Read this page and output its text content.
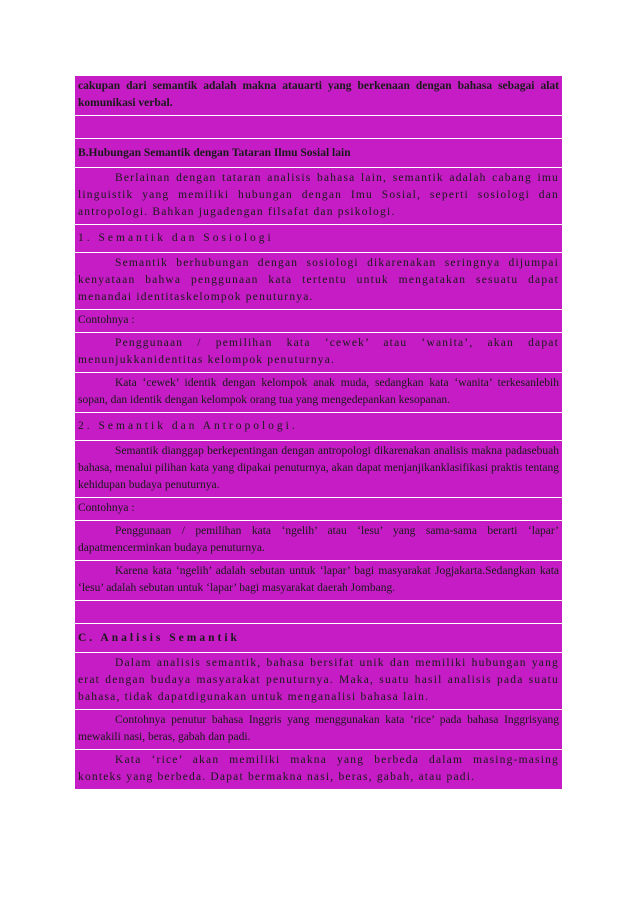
cakupan dari semantik adalah makna atauarti yang berkenaan dengan bahasa sebagai alat komunikasi verbal.
B.Hubungan Semantik dengan Tataran Ilmu Sosial lain
Berlainan dengan tataran analisis bahasa lain, semantik adalah cabang imu linguistik yang memiliki hubungan dengan Imu Sosial, seperti sosiologi dan antropologi. Bahkan jugadengan filsafat dan psikologi.
1. Semantik dan Sosiologi
Semantik berhubungan dengan sosiologi dikarenakan seringnya dijumpai kenyataan bahwa penggunaan kata tertentu untuk mengatakan sesuatu dapat menandai identitaskelompok penuturnya.
Contohnya :
Penggunaan / pemilihan kata ‘cewek’ atau ‘wanita’, akan dapat menunjukkanidentitas kelompok penuturnya.
Kata ‘cewek’ identik dengan kelompok anak muda, sedangkan kata ‘wanita’ terkesanlebih sopan, dan identik dengan kelompok orang tua yang mengedepankan kesopanan.
2. Semantik dan Antropologi.
Semantik dianggap berkepentingan dengan antropologi dikarenakan analisis makna padasebuah bahasa, menalui pilihan kata yang dipakai penuturnya, akan dapat menjanjikanklasifikasi praktis tentang kehidupan budaya penuturnya.
Contohnya :
Penggunaan / pemilihan kata ‘ngelih’ atau ‘lesu’ yang sama-sama berarti ‘lapar’ dapatmencerminkan budaya penuturnya.
Karena kata ‘ngelih’ adalah sebutan untuk ‘lapar’ bagi masyarakat Jogjakarta.Sedangkan kata ‘lesu’ adalah sebutan untuk ‘lapar’ bagi masyarakat daerah Jombang.
C. Analisis Semantik
Dalam analisis semantik, bahasa bersifat unik dan memiliki hubungan yang erat dengan budaya masyarakat penuturnya. Maka, suatu hasil analisis pada suatu bahasa, tidak dapatdigunakan untuk menganalisi bahasa lain.
Contohnya penutur bahasa Inggris yang menggunakan kata ‘rice’ pada bahasa Inggrisyang mewakili nasi, beras, gabah dan padi.
Kata ‘rice’ akan memiliki makna yang berbeda dalam masing-masing konteks yang berbeda. Dapat bermakna nasi, beras, gabah, atau padi.
